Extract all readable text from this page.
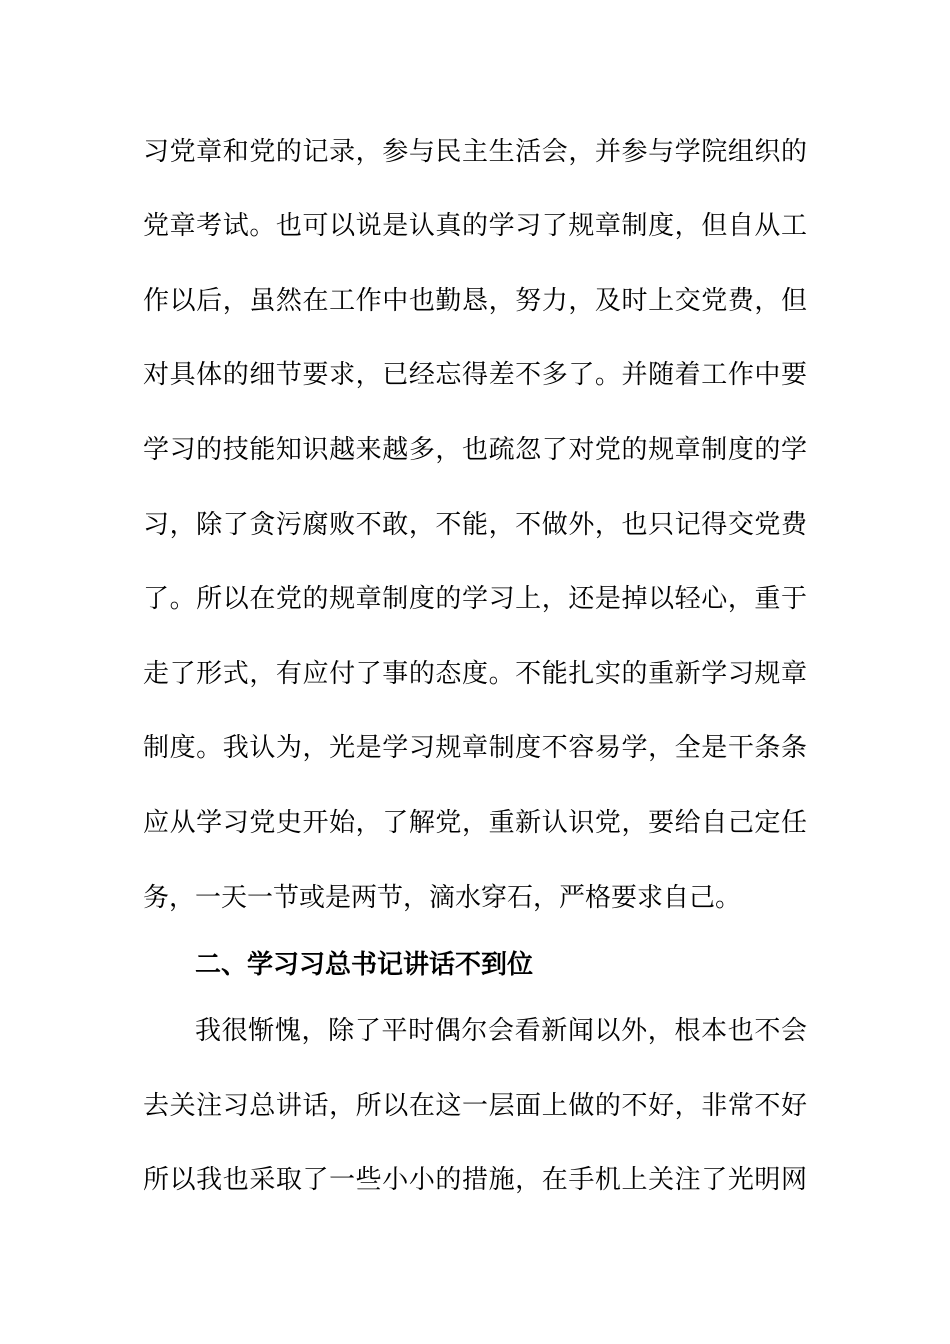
习党章和党的记录，参与民主生活会，并参与学院组织的
党章考试。也可以说是认真的学习了规章制度，但自从工
作以后，虽然在工作中也勤恳，努力，及时上交党费，但
对具体的细节要求，已经忘得差不多了。并随着工作中要
学习的技能知识越来越多，也疏忽了对党的规章制度的学
习，除了贪污腐败不敢，不能，不做外，也只记得交党费
了。所以在党的规章制度的学习上，还是掉以轻心，重于
走了形式，有应付了事的态度。不能扎实的重新学习规章
制度。我认为，光是学习规章制度不容易学，全是干条条
应从学习党史开始，了解党，重新认识党，要给自己定任
务，一天一节或是两节，滴水穿石，严格要求自己。
二、学习习总书记讲话不到位
我很惭愧，除了平时偶尔会看新闻以外，根本也不会
去关注习总讲话，所以在这一层面上做的不好，非常不好
所以我也采取了一些小小的措施，在手机上关注了光明网
